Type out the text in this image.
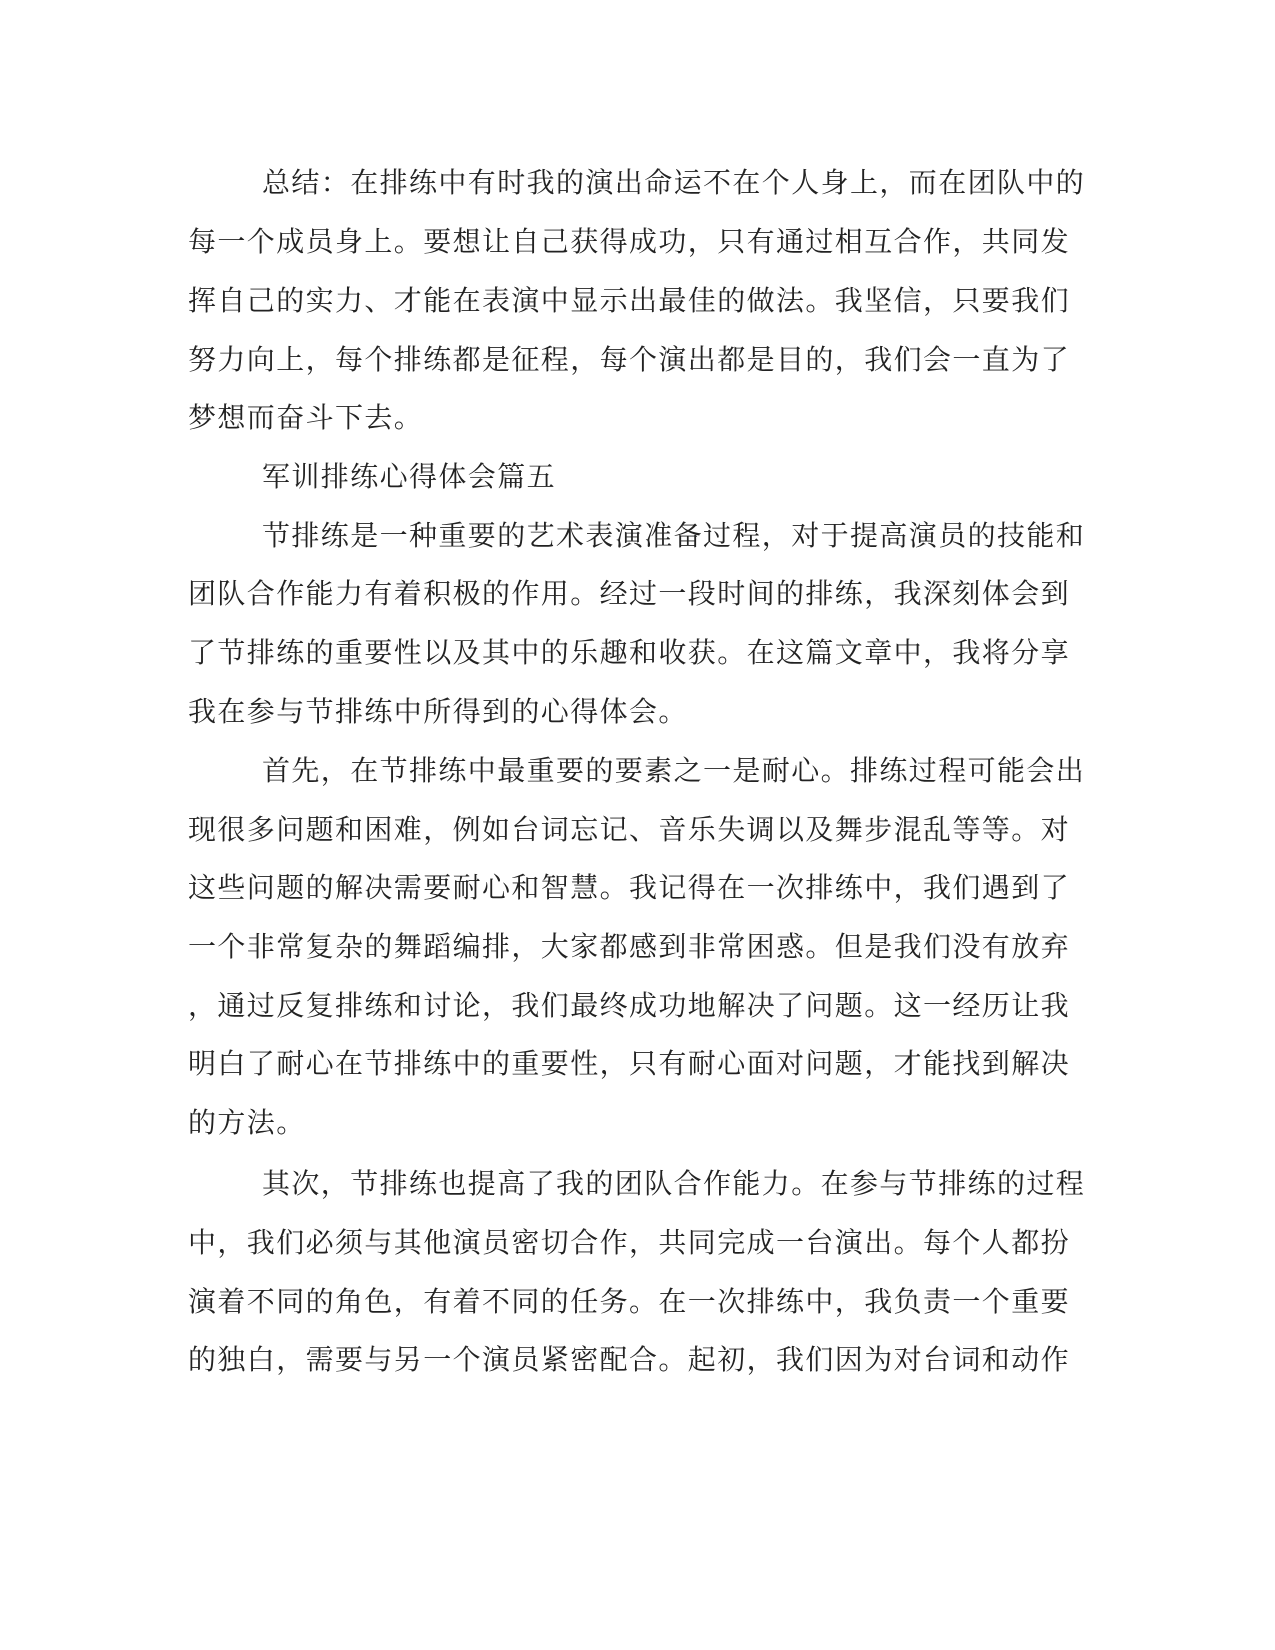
总结：在排练中有时我的演出命运不在个人身上，而在团队中的
每一个成员身上。要想让自己获得成功，只有通过相互合作，共同发
挥自己的实力、才能在表演中显示出最佳的做法。我坚信，只要我们
努力向上，每个排练都是征程，每个演出都是目的，我们会一直为了
梦想而奋斗下去。
军训排练心得体会篇五
节排练是一种重要的艺术表演准备过程，对于提高演员的技能和
团队合作能力有着积极的作用。经过一段时间的排练，我深刻体会到
了节排练的重要性以及其中的乐趣和收获。在这篇文章中，我将分享
我在参与节排练中所得到的心得体会。
首先，在节排练中最重要的要素之一是耐心。排练过程可能会出
现很多问题和困难，例如台词忘记、音乐失调以及舞步混乱等等。对
这些问题的解决需要耐心和智慧。我记得在一次排练中，我们遇到了
一个非常复杂的舞蹈编排，大家都感到非常困惑。但是我们没有放弃
，通过反复排练和讨论，我们最终成功地解决了问题。这一经历让我
明白了耐心在节排练中的重要性，只有耐心面对问题，才能找到解决
的方法。
其次，节排练也提高了我的团队合作能力。在参与节排练的过程
中，我们必须与其他演员密切合作，共同完成一台演出。每个人都扮
演着不同的角色，有着不同的任务。在一次排练中，我负责一个重要
的独白，需要与另一个演员紧密配合。起初，我们因为对台词和动作
